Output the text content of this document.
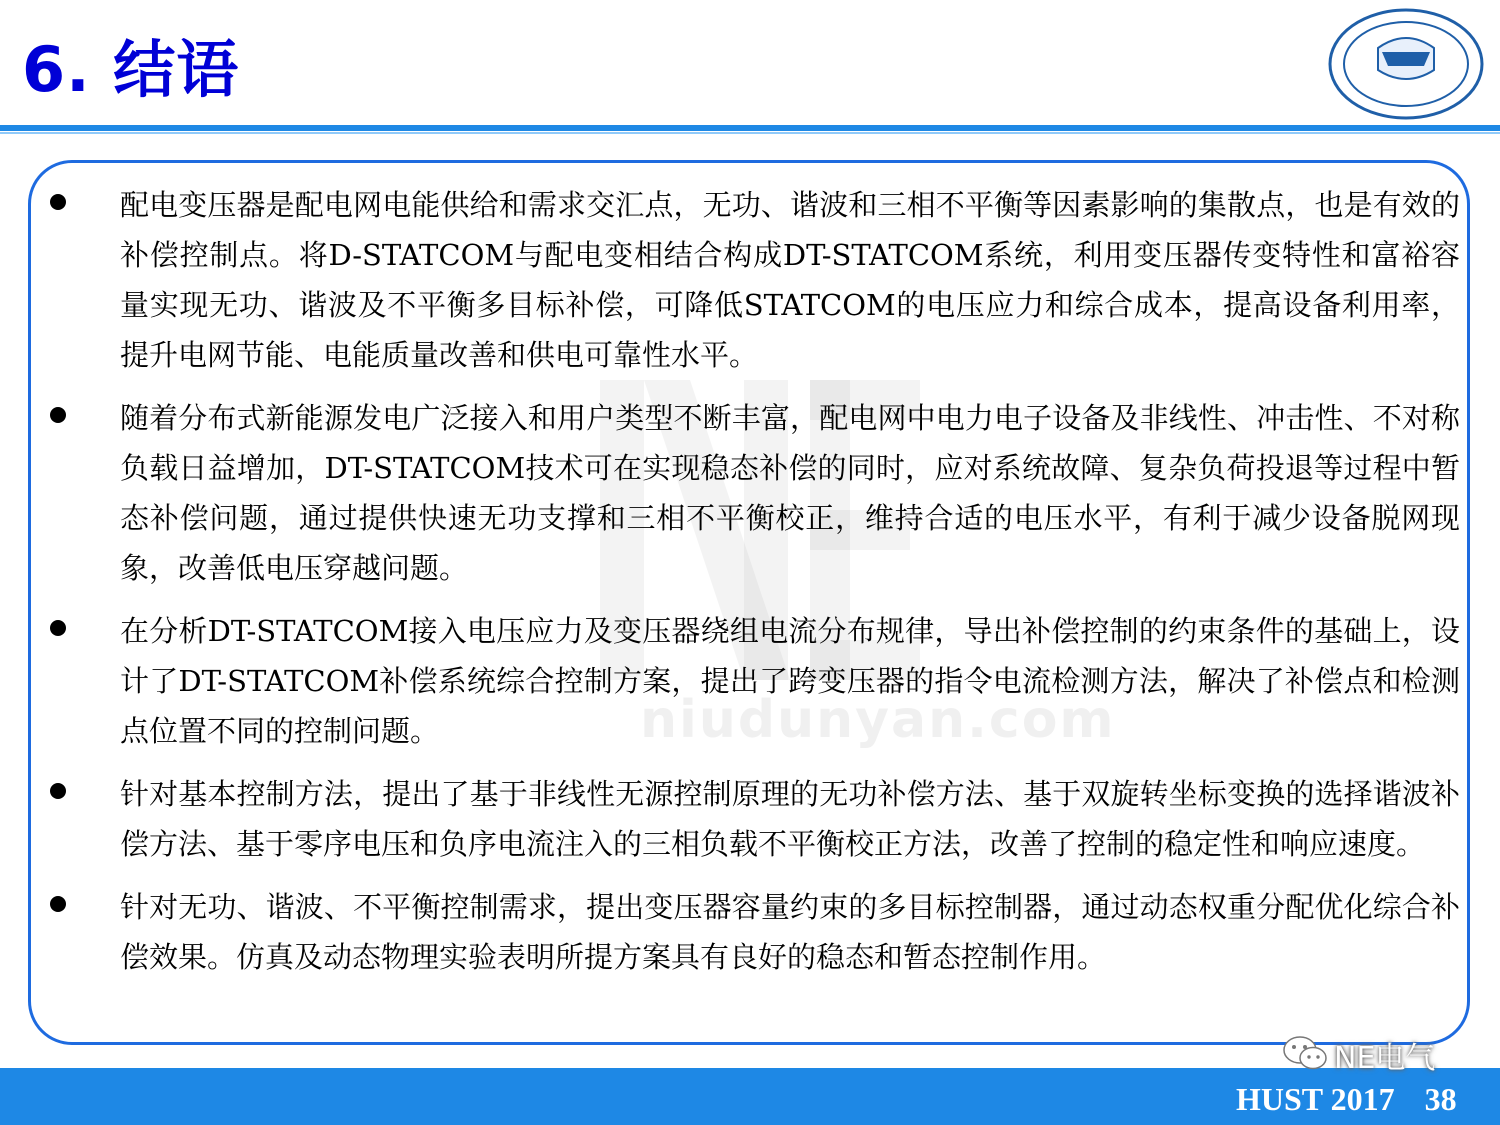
6. 结语
niudunyan.com
配电变压器是配电网电能供给和需求交汇点，无功、谐波和三相不平衡等因素影响的集散点，也是有效的补偿控制点。将D-STATCOM与配电变相结合构成DT-STATCOM系统，利用变压器传变特性和富裕容量实现无功、谐波及不平衡多目标补偿，可降低STATCOM的电压应力和综合成本，提高设备利用率，提升电网节能、电能质量改善和供电可靠性水平。
随着分布式新能源发电广泛接入和用户类型不断丰富，配电网中电力电子设备及非线性、冲击性、不对称负载日益增加，DT-STATCOM技术可在实现稳态补偿的同时，应对系统故障、复杂负荷投退等过程中暂态补偿问题，通过提供快速无功支撑和三相不平衡校正，维持合适的电压水平，有利于减少设备脱网现象，改善低电压穿越问题。
在分析DT-STATCOM接入电压应力及变压器绕组电流分布规律，导出补偿控制的约束条件的基础上，设计了DT-STATCOM补偿系统综合控制方案，提出了跨变压器的指令电流检测方法，解决了补偿点和检测点位置不同的控制问题。
针对基本控制方法，提出了基于非线性无源控制原理的无功补偿方法、基于双旋转坐标变换的选择谐波补偿方法、基于零序电压和负序电流注入的三相负载不平衡校正方法，改善了控制的稳定性和响应速度。
针对无功、谐波、不平衡控制需求，提出变压器容量约束的多目标控制器，通过动态权重分配优化综合补偿效果。仿真及动态物理实验表明所提方案具有良好的稳态和暂态控制作用。
NE电气
HUST 2017 38
